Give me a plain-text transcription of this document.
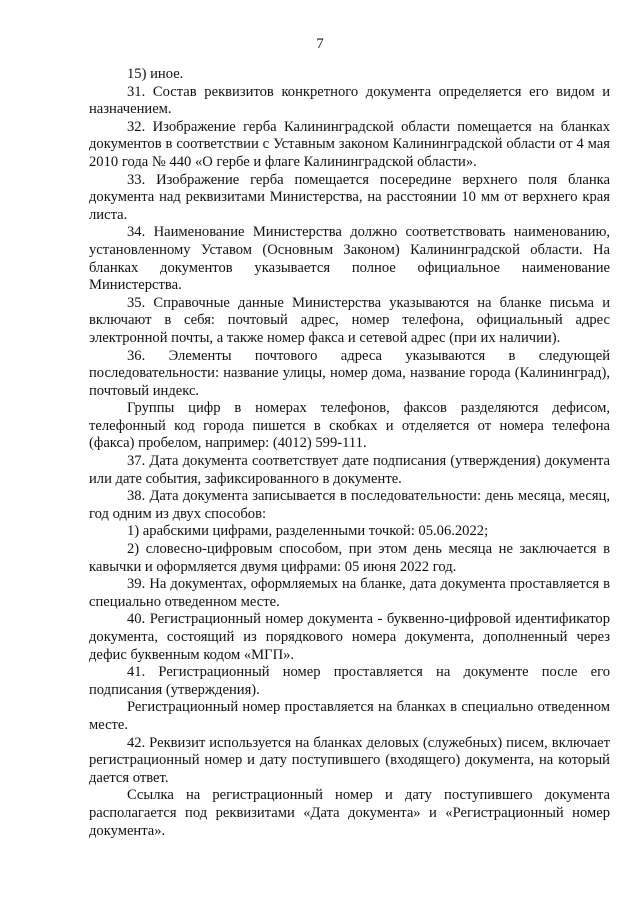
7

15) иное.

31. Состав реквизитов конкретного документа определяется его видом и назначением.

32. Изображение герба Калининградской области помещается на бланках документов в соответствии с Уставным законом Калининградской области от 4 мая 2010 года № 440 «О гербе и флаге Калининградской области».

33. Изображение герба помещается посередине верхнего поля бланка документа над реквизитами Министерства, на расстоянии 10 мм от верхнего края листа.

34. Наименование Министерства должно соответствовать наименованию, установленному Уставом (Основным Законом) Калининградской области. На бланках документов указывается полное официальное наименование Министерства.

35. Справочные данные Министерства указываются на бланке письма и включают в себя: почтовый адрес, номер телефона, официальный адрес электронной почты, а также номер факса и сетевой адрес (при их наличии).

36. Элементы почтового адреса указываются в следующей последовательности: название улицы, номер дома, название города (Калининград), почтовый индекс.

Группы цифр в номерах телефонов, факсов разделяются дефисом, телефонный код города пишется в скобках и отделяется от номера телефона (факса) пробелом, например: (4012) 599-111.

37. Дата документа соответствует дате подписания (утверждения) документа или дате события, зафиксированного в документе.

38. Дата документа записывается в последовательности: день месяца, месяц, год одним из двух способов:

1) арабскими цифрами, разделенными точкой: 05.06.2022;

2) словесно-цифровым способом, при этом день месяца не заключается в кавычки и оформляется двумя цифрами: 05 июня 2022 год.

39. На документах, оформляемых на бланке, дата документа проставляется в специально отведенном месте.

40. Регистрационный номер документа - буквенно-цифровой идентификатор документа, состоящий из порядкового номера документа, дополненный через дефис буквенным кодом «МГП».

41. Регистрационный номер проставляется на документе после его подписания (утверждения).

Регистрационный номер проставляется на бланках в специально отведенном месте.

42. Реквизит используется на бланках деловых (служебных) писем, включает регистрационный номер и дату поступившего (входящего) документа, на который дается ответ.

Ссылка на регистрационный номер и дату поступившего документа располагается под реквизитами «Дата документа» и «Регистрационный номер документа».
